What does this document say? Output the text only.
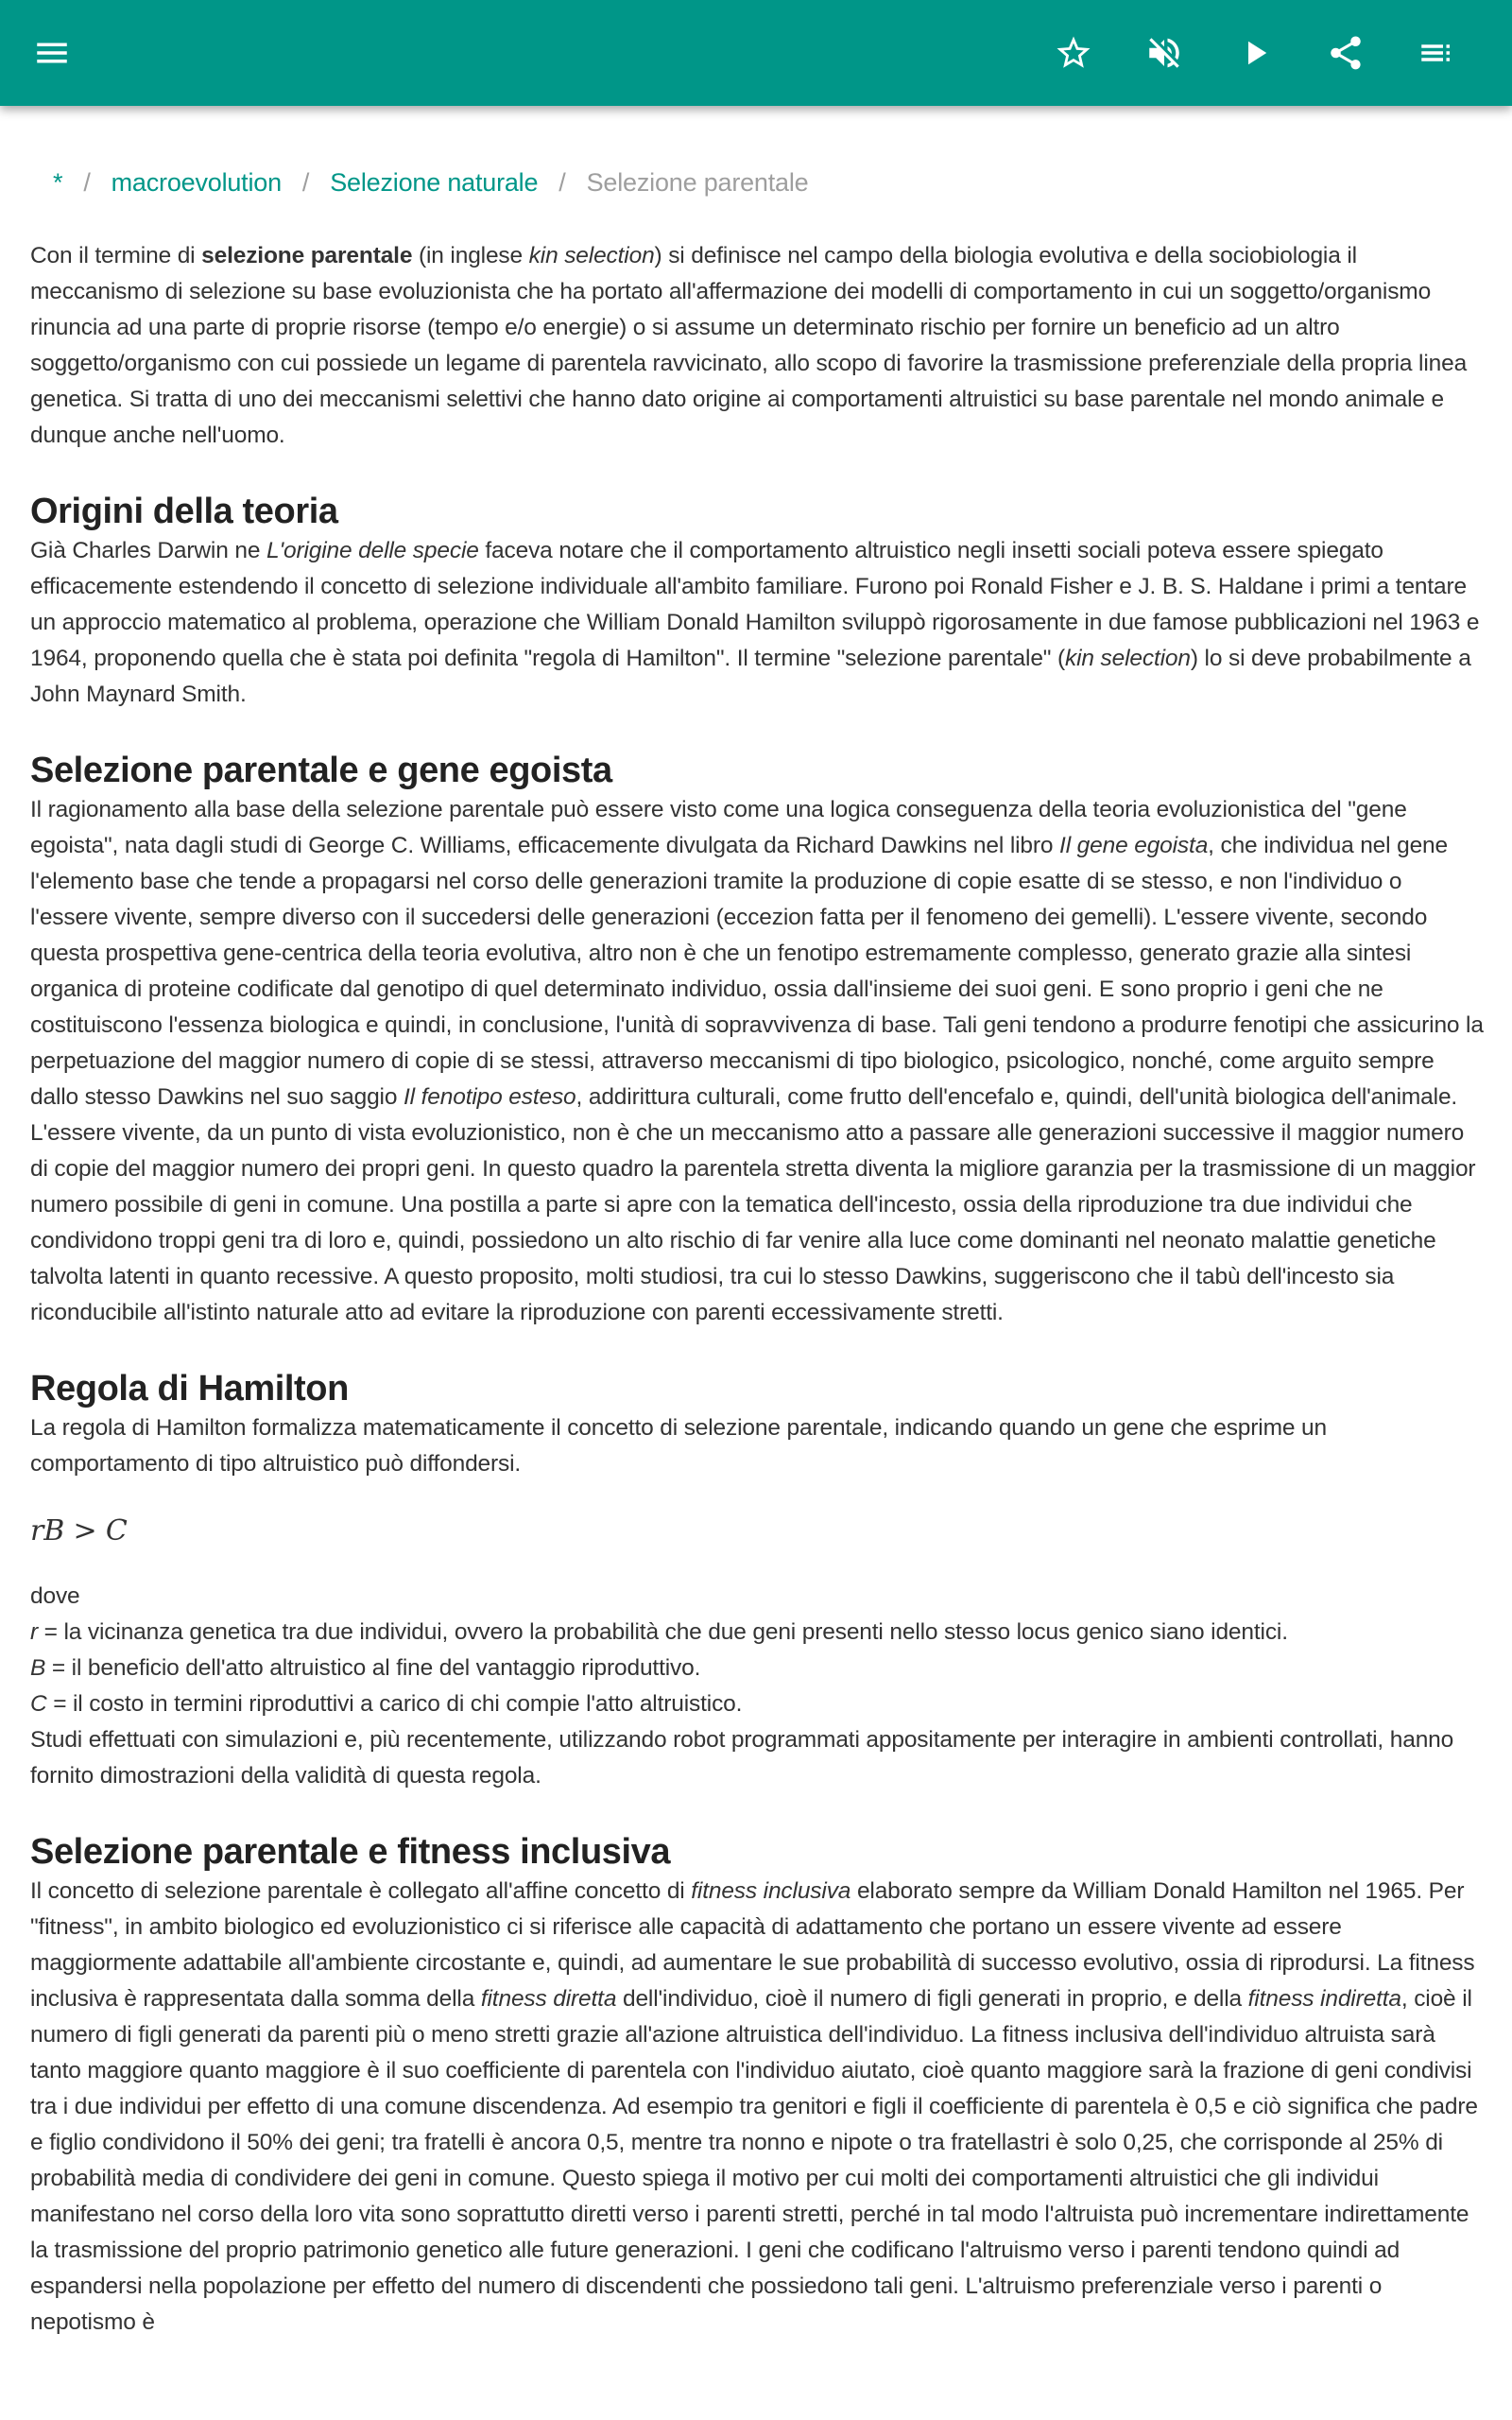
* / macroevolution / Selezione naturale / Selezione parentale

Con il termine di selezione parentale (in inglese kin selection) si definisce nel campo della biologia evolutiva e della sociobiologia il meccanismo di selezione su base evoluzionista che ha portato all'affermazione dei modelli di comportamento in cui un soggetto/organismo rinuncia ad una parte di proprie risorse (tempo e/o energie) o si assume un determinato rischio per fornire un beneficio ad un altro soggetto/organismo con cui possiede un legame di parentela ravvicinato, allo scopo di favorire la trasmissione preferenziale della propria linea genetica. Si tratta di uno dei meccanismi selettivi che hanno dato origine ai comportamenti altruistici su base parentale nel mondo animale e dunque anche nell'uomo.

Origini della teoria

Già Charles Darwin ne L'origine delle specie faceva notare che il comportamento altruistico negli insetti sociali poteva essere spiegato efficacemente estendendo il concetto di selezione individuale all'ambito familiare. Furono poi Ronald Fisher e J. B. S. Haldane i primi a tentare un approccio matematico al problema, operazione che William Donald Hamilton sviluppò rigorosamente in due famose pubblicazioni nel 1963 e 1964, proponendo quella che è stata poi definita "regola di Hamilton". Il termine "selezione parentale" (kin selection) lo si deve probabilmente a John Maynard Smith.

Selezione parentale e gene egoista

Il ragionamento alla base della selezione parentale può essere visto come una logica conseguenza della teoria evoluzionistica del "gene egoista", nata dagli studi di George C. Williams, efficacemente divulgata da Richard Dawkins nel libro Il gene egoista, che individua nel gene l'elemento base che tende a propagarsi nel corso delle generazioni tramite la produzione di copie esatte di se stesso, e non l'individuo o l'essere vivente, sempre diverso con il succedersi delle generazioni (eccezion fatta per il fenomeno dei gemelli). L'essere vivente, secondo questa prospettiva gene-centrica della teoria evolutiva, altro non è che un fenotipo estremamente complesso, generato grazie alla sintesi organica di proteine codificate dal genotipo di quel determinato individuo, ossia dall'insieme dei suoi geni. E sono proprio i geni che ne costituiscono l'essenza biologica e quindi, in conclusione, l'unità di sopravvivenza di base. Tali geni tendono a produrre fenotipi che assicurino la perpetuazione del maggior numero di copie di se stessi, attraverso meccanismi di tipo biologico, psicologico, nonché, come arguito sempre dallo stesso Dawkins nel suo saggio Il fenotipo esteso, addirittura culturali, come frutto dell'encefalo e, quindi, dell'unità biologica dell'animale. L'essere vivente, da un punto di vista evoluzionistico, non è che un meccanismo atto a passare alle generazioni successive il maggior numero di copie del maggior numero dei propri geni. In questo quadro la parentela stretta diventa la migliore garanzia per la trasmissione di un maggior numero possibile di geni in comune. Una postilla a parte si apre con la tematica dell'incesto, ossia della riproduzione tra due individui che condividono troppi geni tra di loro e, quindi, possiedono un alto rischio di far venire alla luce come dominanti nel neonato malattie genetiche talvolta latenti in quanto recessive. A questo proposito, molti studiosi, tra cui lo stesso Dawkins, suggeriscono che il tabù dell'incesto sia riconducibile all'istinto naturale atto ad evitare la riproduzione con parenti eccessivamente stretti.

Regola di Hamilton

La regola di Hamilton formalizza matematicamente il concetto di selezione parentale, indicando quando un gene che esprime un comportamento di tipo altruistico può diffondersi.

rB > C

dove

r = la vicinanza genetica tra due individui, ovvero la probabilità che due geni presenti nello stesso locus genico siano identici.

B = il beneficio dell'atto altruistico al fine del vantaggio riproduttivo.

C = il costo in termini riproduttivi a carico di chi compie l'atto altruistico.

Studi effettuati con simulazioni e, più recentemente, utilizzando robot programmati appositamente per interagire in ambienti controllati, hanno fornito dimostrazioni della validità di questa regola.

Selezione parentale e fitness inclusiva

Il concetto di selezione parentale è collegato all'affine concetto di fitness inclusiva elaborato sempre da William Donald Hamilton nel 1965. Per "fitness", in ambito biologico ed evoluzionistico ci si riferisce alle capacità di adattamento che portano un essere vivente ad essere maggiormente adattabile all'ambiente circostante e, quindi, ad aumentare le sue probabilità di successo evolutivo, ossia di riprodursi. La fitness inclusiva è rappresentata dalla somma della fitness diretta dell'individuo, cioè il numero di figli generati in proprio, e della fitness indiretta, cioè il numero di figli generati da parenti più o meno stretti grazie all'azione altruistica dell'individuo. La fitness inclusiva dell'individuo altruista sarà tanto maggiore quanto maggiore è il suo coefficiente di parentela con l'individuo aiutato, cioè quanto maggiore sarà la frazione di geni condivisi tra i due individui per effetto di una comune discendenza. Ad esempio tra genitori e figli il coefficiente di parentela è 0,5 e ciò significa che padre e figlio condividono il 50% dei geni; tra fratelli è ancora 0,5, mentre tra nonno e nipote o tra fratellastri è solo 0,25, che corrisponde al 25% di probabilità media di condividere dei geni in comune. Questo spiega il motivo per cui molti dei comportamenti altruistici che gli individui manifestano nel corso della loro vita sono soprattutto diretti verso i parenti stretti, perché in tal modo l'altruista può incrementare indirettamente la trasmissione del proprio patrimonio genetico alle future generazioni. I geni che codificano l'altruismo verso i parenti tendono quindi ad espandersi nella popolazione per effetto del numero di discendenti che possiedono tali geni. L'altruismo preferenziale verso i parenti o nepotismo è
